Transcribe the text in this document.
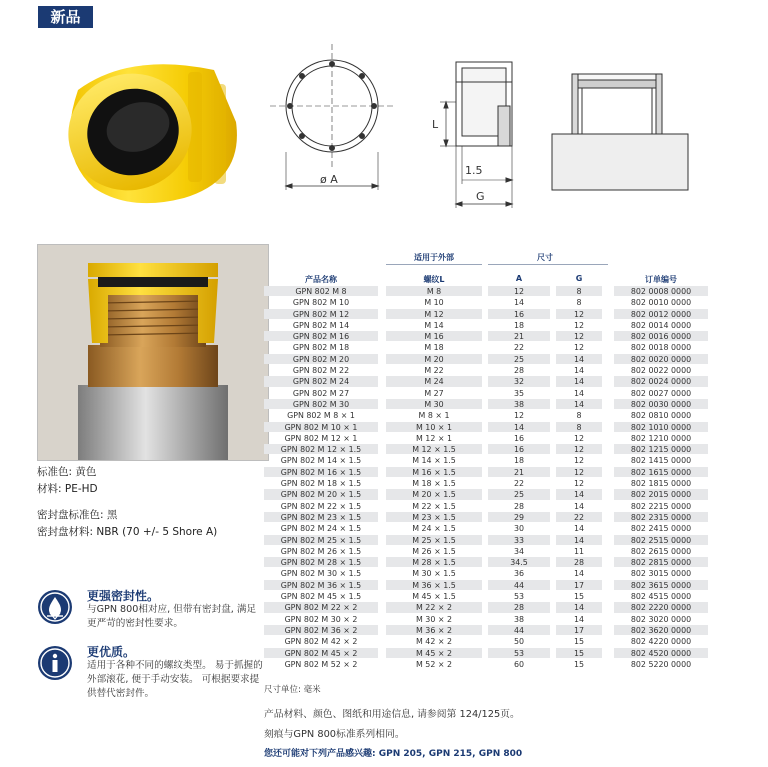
新品
ø A
L
1.5
G
标准色: 黄色
材料: PE-HD
密封盘标准色: 黑
密封盘材料: NBR (70 +/- 5 Shore A)
更强密封性。
与GPN 800相对应, 但带有密封盘, 满足更严苛的密封性要求。
更优质。
适用于各种不同的螺纹类型。 易于抓握的外部滚花, 便于手动安装。 可根据要求提供替代密封件。
适用于外部	尺寸
产品名称	螺纹L	A	G	订单编号
GPN 802 M 8	M 8	12	8	802 0008 0000
GPN 802 M 10	M 10	14	8	802 0010 0000
GPN 802 M 12	M 12	16	12	802 0012 0000
GPN 802 M 14	M 14	18	12	802 0014 0000
GPN 802 M 16	M 16	21	12	802 0016 0000
GPN 802 M 18	M 18	22	12	802 0018 0000
GPN 802 M 20	M 20	25	14	802 0020 0000
GPN 802 M 22	M 22	28	14	802 0022 0000
GPN 802 M 24	M 24	32	14	802 0024 0000
GPN 802 M 27	M 27	35	14	802 0027 0000
GPN 802 M 30	M 30	38	14	802 0030 0000
GPN 802 M 8 × 1	M 8 × 1	12	8	802 0810 0000
GPN 802 M 10 × 1	M 10 × 1	14	8	802 1010 0000
GPN 802 M 12 × 1	M 12 × 1	16	12	802 1210 0000
GPN 802 M 12 × 1.5	M 12 × 1.5	16	12	802 1215 0000
GPN 802 M 14 × 1.5	M 14 × 1.5	18	12	802 1415 0000
GPN 802 M 16 × 1.5	M 16 × 1.5	21	12	802 1615 0000
GPN 802 M 18 × 1.5	M 18 × 1.5	22	12	802 1815 0000
GPN 802 M 20 × 1.5	M 20 × 1.5	25	14	802 2015 0000
GPN 802 M 22 × 1.5	M 22 × 1.5	28	14	802 2215 0000
GPN 802 M 23 × 1.5	M 23 × 1.5	29	22	802 2315 0000
GPN 802 M 24 × 1.5	M 24 × 1.5	30	14	802 2415 0000
GPN 802 M 25 × 1.5	M 25 × 1.5	33	14	802 2515 0000
GPN 802 M 26 × 1.5	M 26 × 1.5	34	11	802 2615 0000
GPN 802 M 28 × 1.5	M 28 × 1.5	34.5	28	802 2815 0000
GPN 802 M 30 × 1.5	M 30 × 1.5	36	14	802 3015 0000
GPN 802 M 36 × 1.5	M 36 × 1.5	44	17	802 3615 0000
GPN 802 M 45 × 1.5	M 45 × 1.5	53	15	802 4515 0000
GPN 802 M 22 × 2	M 22 × 2	28	14	802 2220 0000
GPN 802 M 30 × 2	M 30 × 2	38	14	802 3020 0000
GPN 802 M 36 × 2	M 36 × 2	44	17	802 3620 0000
GPN 802 M 42 × 2	M 42 × 2	50	15	802 4220 0000
GPN 802 M 45 × 2	M 45 × 2	53	15	802 4520 0000
GPN 802 M 52 × 2	M 52 × 2	60	15	802 5220 0000
尺寸单位: 毫米
产品材料、颜色、图纸和用途信息, 请参阅第 124/125页。
刻痕与GPN 800标准系列相同。
您还可能对下列产品感兴趣: GPN 205, GPN 215, GPN 800
